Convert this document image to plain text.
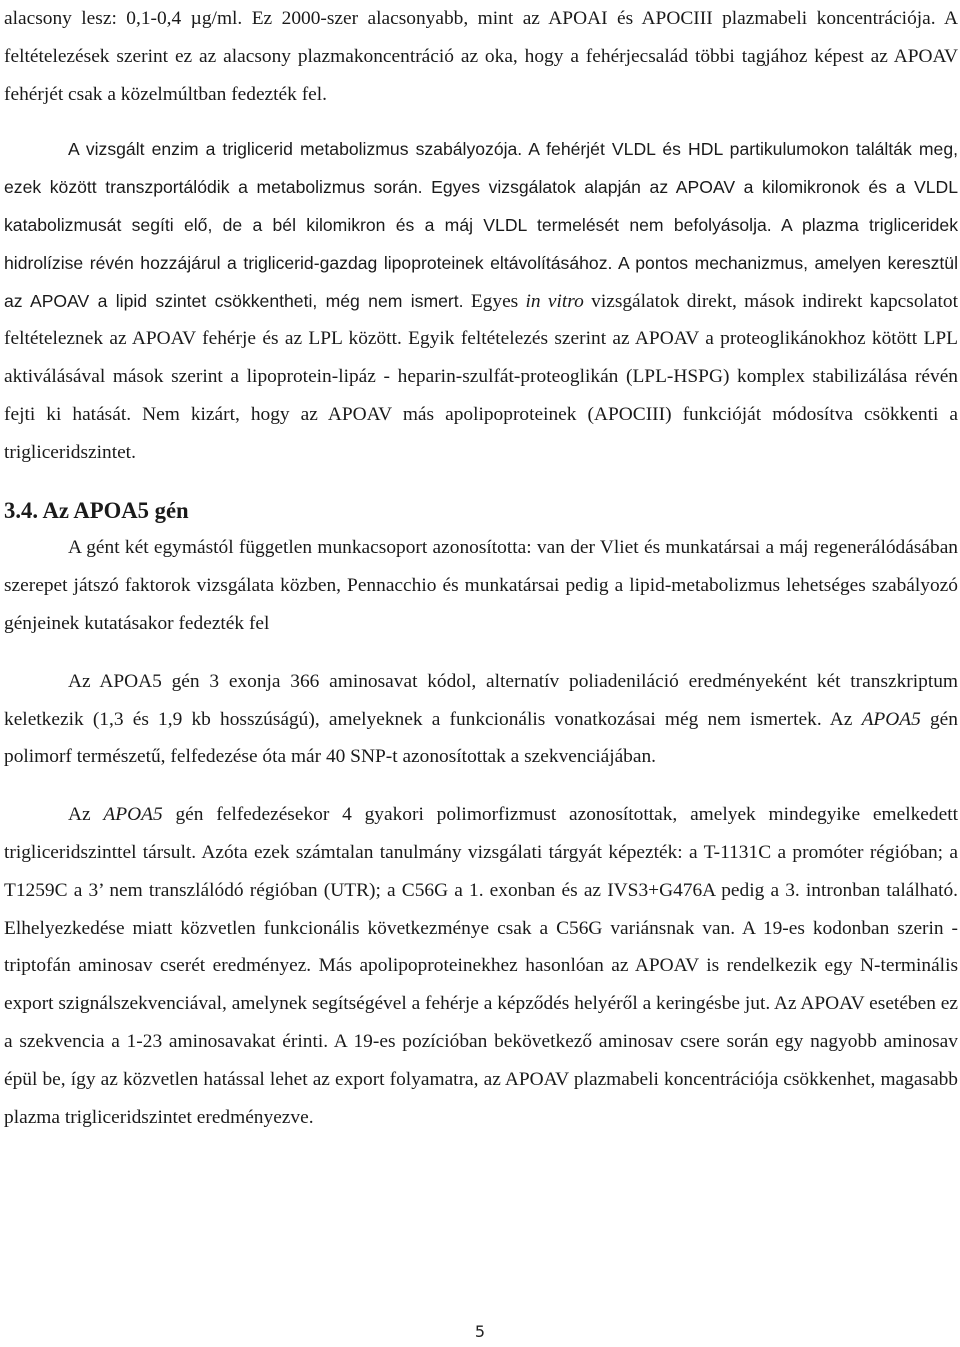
alacsony lesz: 0,1-0,4 µg/ml. Ez 2000-szer alacsonyabb, mint az APOAI és APOCIII plazmabeli koncentrációja. A feltételezések szerint ez az alacsony plazmakoncentráció az oka, hogy a fehérjecsalád többi tagjához képest az APOAV fehérjét csak a közelmúltban fedezték fel.

A vizsgált enzim a triglicerid metabolizmus szabályozója. A fehérjét VLDL és HDL partikulumokon találták meg, ezek között transzportálódik a metabolizmus során. Egyes vizsgálatok alapján az APOAV a kilomikronok és a VLDL katabolizmusát segíti elő, de a bél kilomikron és a máj VLDL termelését nem befolyásolja. A plazma trigliceridek hidrolízise révén hozzájárul a triglicerid-gazdag lipoproteinek eltávolításához. A pontos mechanizmus, amelyen keresztül az APOAV a lipid szintet csökkentheti, még nem ismert. Egyes in vitro vizsgálatok direkt, mások indirekt kapcsolatot feltételeznek az APOAV fehérje és az LPL között. Egyik feltételezés szerint az APOAV a proteoglikánokhoz kötött LPL aktiválásával mások szerint a lipoprotein-lipáz - heparin-szulfát-proteoglikán (LPL-HSPG) komplex stabilizálása révén fejti ki hatását. Nem kizárt, hogy az APOAV más apolipoproteinek (APOCIII) funkcióját módosítva csökkenti a trigliceridszintet.

3.4. Az APOA5 gén

A gént két egymástól független munkacsoport azonosította: van der Vliet és munkatársai a máj regenerálódásában szerepet játszó faktorok vizsgálata közben, Pennacchio és munkatársai pedig a lipid-metabolizmus lehetséges szabályozó génjeinek kutatásakor fedezték fel

Az APOA5 gén 3 exonja 366 aminosavat kódol, alternatív poliadeniláció eredményeként két transzkriptum keletkezik (1,3 és 1,9 kb hosszúságú), amelyeknek a funkcionális vonatkozásai még nem ismertek. Az APOA5 gén polimorf természetű, felfedezése óta már 40 SNP-t azonosítottak a szekvenciájában.

Az APOA5 gén felfedezésekor 4 gyakori polimorfizmust azonosítottak, amelyek mindegyike emelkedett trigliceridszinttel társult. Azóta ezek számtalan tanulmány vizsgálati tárgyát képezték: a T-1131C a promóter régióban; a T1259C a 3’ nem transzlálódó régióban (UTR); a C56G a 1. exonban és az IVS3+G476A pedig a 3. intronban található. Elhelyezkedése miatt közvetlen funkcionális következménye csak a C56G variánsnak van. A 19-es kodonban szerin - triptofán aminosav cserét eredményez. Más apolipoproteinekhez hasonlóan az APOAV is rendelkezik egy N-terminális export szignálszekvenciával, amelynek segítségével a fehérje a képződés helyéről a keringésbe jut. Az APOAV esetében ez a szekvencia a 1-23 aminosavakat érinti. A 19-es pozícióban bekövetkező aminosav csere során egy nagyobb aminosav épül be, így az közvetlen hatással lehet az export folyamatra, az APOAV plazmabeli koncentrációja csökkenhet, magasabb plazma trigliceridszintet eredményezve.

5
